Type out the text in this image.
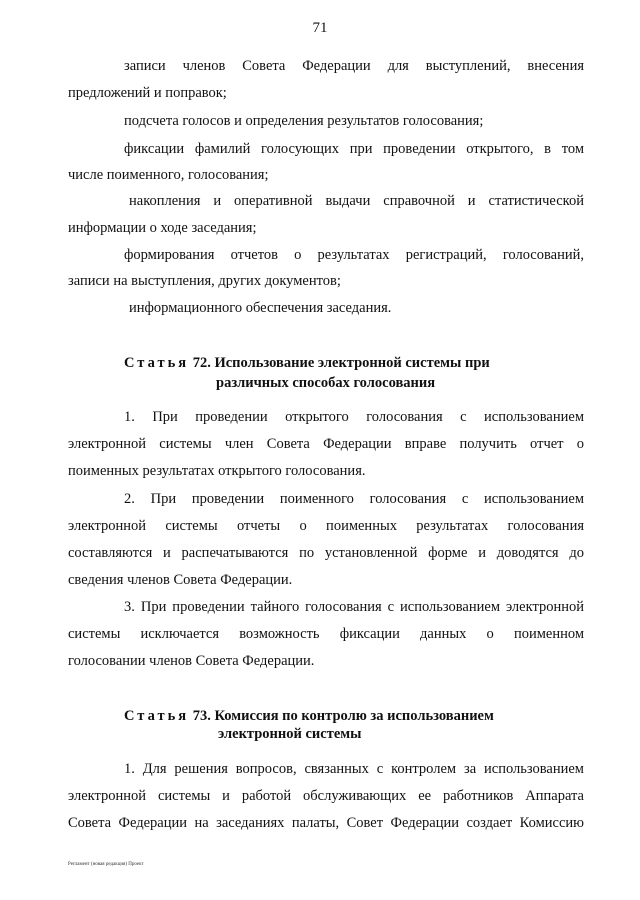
71
записи членов Совета Федерации для выступлений, внесения
предложений и поправок;
подсчета голосов и определения результатов голосования;
фиксации фамилий голосующих при проведении открытого, в том
числе поименного, голосования;
накопления и оперативной выдачи справочной и статистической
информации о ходе заседания;
формирования отчетов о результатах регистраций, голосований,
записи на выступления, других документов;
информационного обеспечения заседания.
Статья 72. Использование электронной системы при
различных способах голосования
1. При проведении открытого голосования с использованием
электронной системы член Совета Федерации вправе получить отчет о
поименных результатах открытого голосования.
2. При проведении поименного голосования с использованием
электронной системы отчеты о поименных результатах голосования
составляются и распечатываются по установленной форме и доводятся до
сведения членов Совета Федерации.
3. При проведении тайного голосования с использованием электронной
системы исключается возможность фиксации данных о поименном
голосовании членов Совета Федерации.
Статья 73. Комиссия по контролю за использованием
электронной системы
1. Для решения вопросов, связанных с контролем за использованием
электронной системы и работой обслуживающих ее работников Аппарата
Совета Федерации на заседаниях палаты, Совет Федерации создает Комиссию
Регламент (новая редакция) Проект
